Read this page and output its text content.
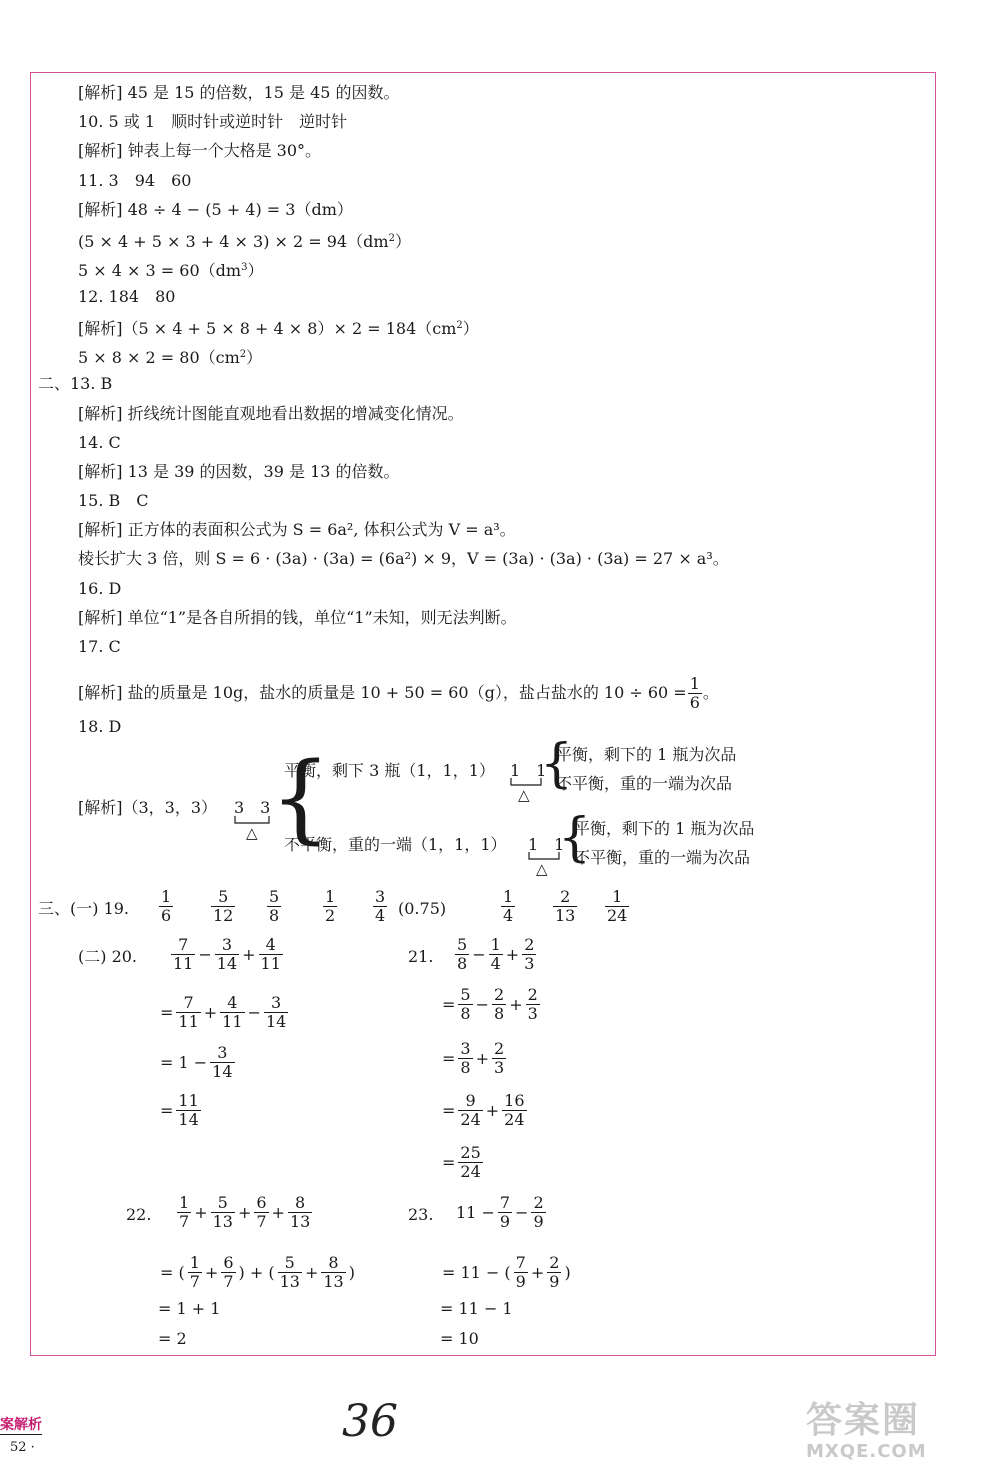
[解析] 45 是 15 的倍数，15 是 45 的因数。
10. 5 或 1　顺时针或逆时针　逆时针
[解析] 钟表上每一个大格是 30°。
11. 3　94　60
[解析] 48 ÷ 4 − (5 + 4) = 3（dm）
$(5 \times 4 + 5 \times 3 + 4 \times 3) \times 2 = 94(dm^2)$
$5 \times 4 \times 3 = 60(dm^3)$
12. 184　80
[解析]$(5 \times 4 + 5 \times 8 + 4 \times 8)\times 2 = 184(cm^2)$
$5 \times 8 \times 2 = 80(cm^2)$
二、13. B
[解析] 折线统计图能直观地看出数据的增减变化情况。
14. C
[解析] 13 是 39 的因数，39 是 13 的倍数。
15. B　C
[解析] 正方体的表面积公式为 S = 6a², 体积公式为 V = a³。
棱长扩大 3 倍，则 S = 6 · (3a) · (3a) = (6a²) × 9，V = (3a) · (3a) · (3a) = 27 × a³。
16. D
[解析] 单位“1”是各自所捐的钱，单位“1”未知，则无法判断。
17. C
[解析] 盐的质量是 10g，盐水的质量是 10 + 50 = 60（g），盐占盐水的 $10 \div 60 = \frac{1}{6}$ 。
18. D
[解析]（3，3，3） 3　3
△ {
平衡，剩下 3 瓶（1，1，1） 1　1
△
{
平衡，剩下的 1 瓶为次品
不平衡，重的一端为次品
不平衡，重的一端（1，1，1） 1　1
△
{
平衡，剩下的 1 瓶为次品
不平衡，重的一端为次品
三、(一) 19. $\frac{1}{6} \frac{5}{12} \frac{5}{8}$	$\frac{1}{2} \frac{3}{4} (0.75)$	$\frac{1}{4} \frac{2}{13} \frac{1}{24}$
(二) 20. $\frac{7}{11} - \frac{3}{14} + \frac{4}{11}$
= $\frac{7}{11} + \frac{4}{11} - \frac{3}{14}$
= $1 - \frac{3}{14}$
= $\frac{11}{14}$
21. $\frac{5}{8} - \frac{1}{4} + \frac{2}{3}$
= $\frac{5}{8} - \frac{2}{8} + \frac{2}{3}$
= $\frac{3}{8} + \frac{2}{3}$
= $\frac{9}{24} + \frac{16}{24}$
= $\frac{25}{24}$
22. $\frac{1}{7} + \frac{5}{13} + \frac{6}{7} + \frac{8}{13}$
= ( $\frac{1}{7} + \frac{6}{7}$ ) + ( $\frac{5}{13} + \frac{8}{13}$ )
= 1 + 1
= 2
23. $11 - \frac{7}{9} - \frac{2}{9}$
= 11 − ( $\frac{7}{9} + \frac{2}{9}$ )
= 11 − 1
= 10
案解析
52 ·
36	答案圈
MXQE.COM
